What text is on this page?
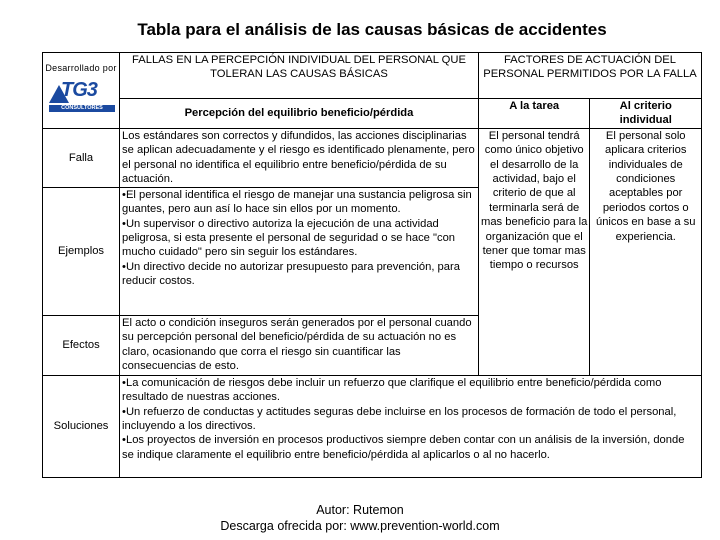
Tabla para el análisis de las causas básicas de accidentes
Desarrollado por
TG3
CONSULTORES	FALLAS EN LA PERCEPCIÓN INDIVIDUAL DEL PERSONAL QUE TOLERAN LAS CAUSAS BÁSICAS	FACTORES DE ACTUACIÓN DEL PERSONAL PERMITIDOS POR LA FALLA	
	Percepción del equilibrio beneficio/pérdida	A la tarea	Al criterio individual
Falla	Los estándares son correctos y difundidos, las acciones disciplinarias se aplican adecuadamente y el riesgo es identificado plenamente, pero el personal no identifica el equilibrio entre beneficio/pérdida de su actuación.	El personal tendrá como único objetivo el desarrollo de la actividad, bajo el criterio de que al terminarla será de mas beneficio para la organización que el tener que tomar mas tiempo o recursos	El personal solo aplicara criterios individuales de condiciones aceptables por periodos cortos o únicos en base a su experiencia.
Ejemplos	•El personal identifica el riesgo de manejar una sustancia peligrosa sin guantes, pero aun así lo hace sin ellos por un momento.
•Un supervisor o directivo autoriza la ejecución de una actividad peligrosa, si esta presente el personal de seguridad o se hace "con mucho cuidado" pero sin seguir los estándares.
•Un directivo decide no autorizar presupuesto para prevención, para reducir costos.		

Efectos	El acto o condición inseguros serán generados por el personal cuando su percepción personal del beneficio/pérdida de su actuación no es claro, ocasionando que corra el riesgo sin cuantificar las consecuencias de esto.		
Soluciones	•La comunicación de riesgos debe incluir un refuerzo que clarifique el equilibrio entre beneficio/pérdida como resultado de nuestras acciones.
•Un refuerzo de conductas y actitudes seguras debe incluirse en los procesos de formación de todo el personal, incluyendo a los directivos.
•Los proyectos de inversión en procesos productivos siempre deben contar con un análisis de la inversión, donde se indique claramente el equilibrio entre beneficio/pérdida al aplicarlos o al no hacerlo.		
Autor: Rutemon
Descarga ofrecida por: www.prevention-world.com
